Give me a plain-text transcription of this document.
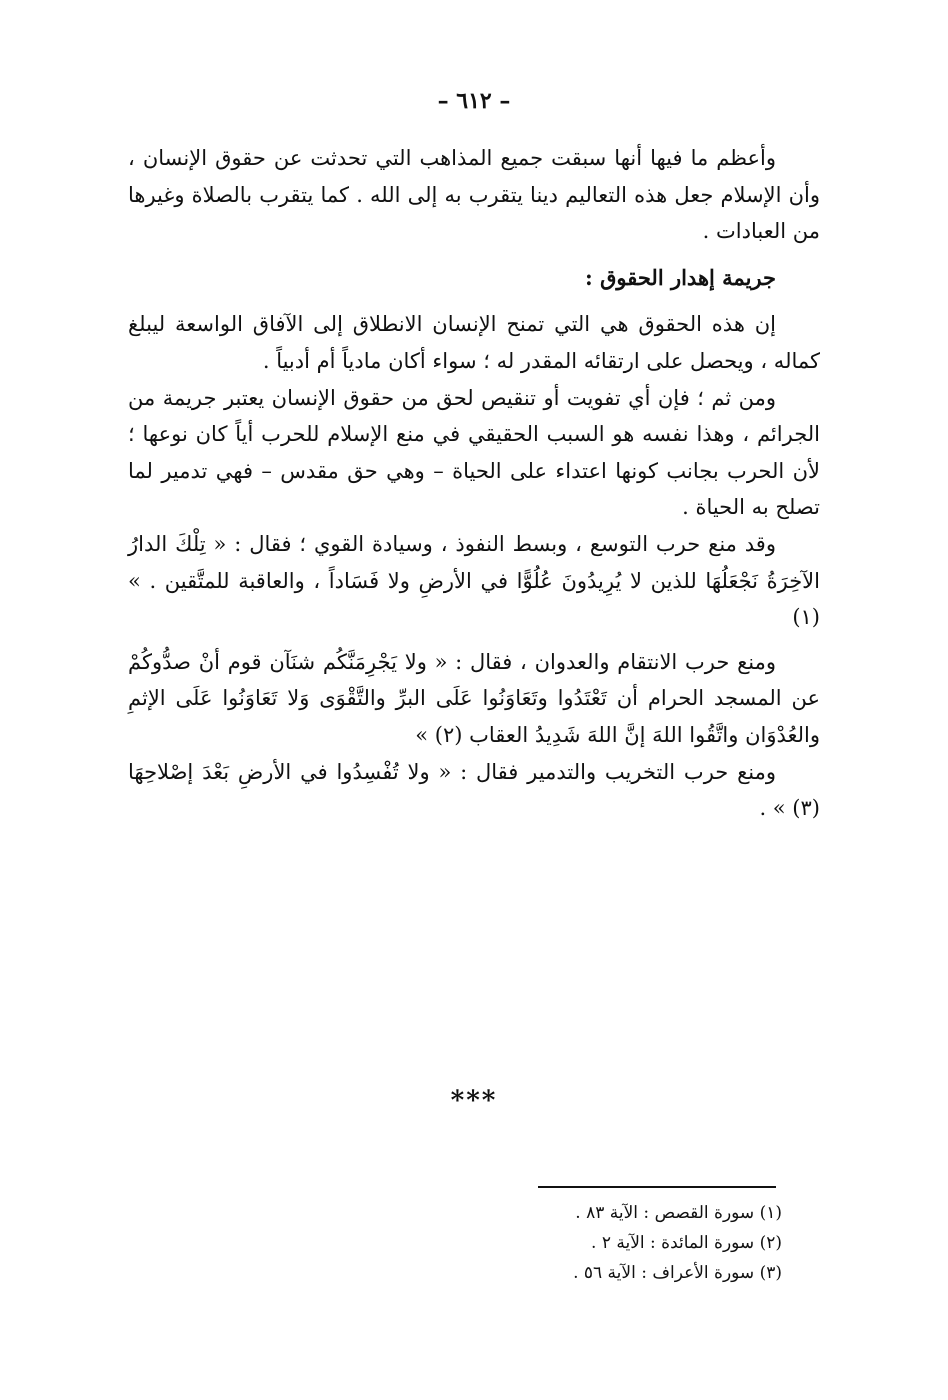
– ٦١٢ –

وأعظم ما فيها أنها سبقت جميع المذاهب التي تحدثت عن حقوق الإنسان ، وأن الإسلام جعل هذه التعاليم دينا يتقرب به إلى الله . كما يتقرب بالصلاة وغيرها من العبادات .

جريمة إهدار الحقوق :

إن هذه الحقوق هي التي تمنح الإنسان الانطلاق إلى الآفاق الواسعة ليبلغ كماله ، ويحصل على ارتقائه المقدر له ؛ سواء أكان مادياً أم أدبياً .

ومن ثم ؛ فإن أي تفويت أو تنقيص لحق من حقوق الإنسان يعتبر جريمة من الجرائم ، وهذا نفسه هو السبب الحقيقي في منع الإسلام للحرب أياً كان نوعها ؛ لأن الحرب بجانب كونها اعتداء على الحياة – وهي حق مقدس – فهي تدمير لما تصلح به الحياة .

وقد منع حرب التوسع ، وبسط النفوذ ، وسيادة القوي ؛ فقال : « تِلْكَ الدارُ الآخِرَةُ نَجْعَلُهَا للذين لا يُرِيدُونَ عُلُوًّا في الأرضِ ولا فَسَاداً ، والعاقبة للمتَّقين . » (١)

ومنع حرب الانتقام والعدوان ، فقال : « ولا يَجْرِمَنَّكُم شنَآن قوم أنْ صدُّوكُمْ عن المسجد الحرام أن تَعْتَدُوا وتَعَاوَنُوا عَلَى البرِّ والتَّقْوَى وَلا تَعَاوَنُوا عَلَى الإثمِ والعُدْوَان واتَّقُوا اللهَ إنَّ اللهَ شَدِيدُ العقاب (٢) »

ومنع حرب التخريب والتدمير فقال : « ولا تُفْسِدُوا في الأرضِ بَعْدَ إصْلاحِهَا (٣) » .

***
(١) سورة القصص : الآية ٨٣ .
(٢) سورة المائدة : الآية ٢ .
(٣) سورة الأعراف : الآية ٥٦ .
